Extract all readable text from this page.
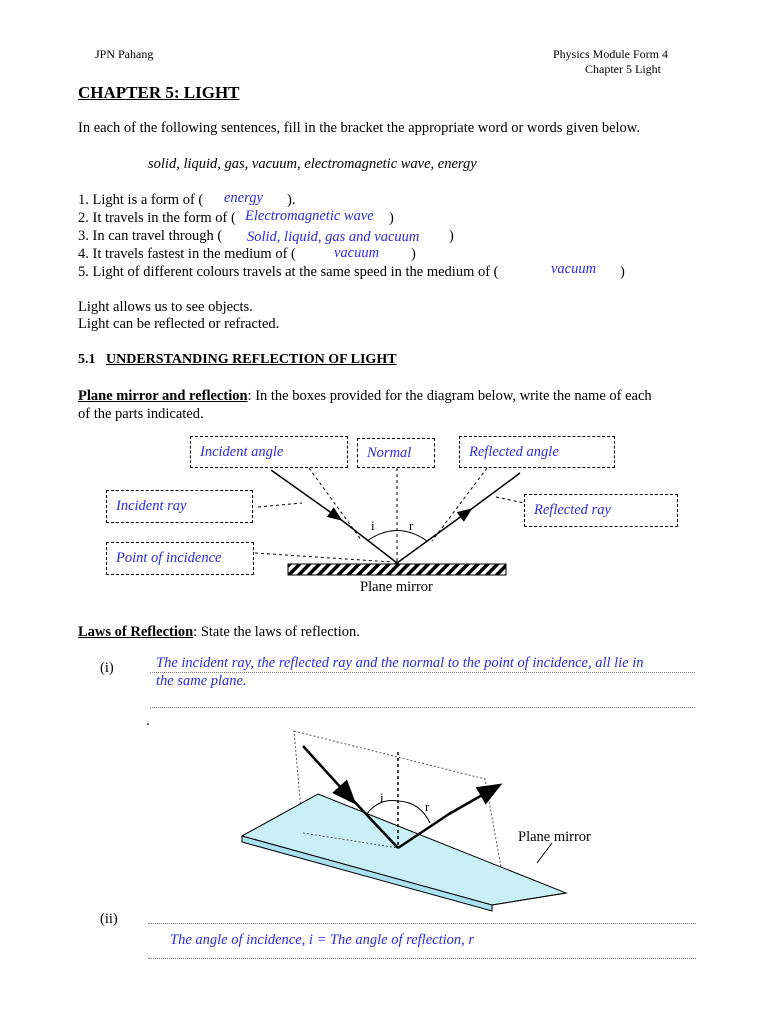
JPN Pahang	Physics Module Form 4
Chapter 5 Light
CHAPTER 5: LIGHT
In each of the following sentences, fill in the bracket the appropriate word or words given below.
solid, liquid, gas, vacuum, electromagnetic wave, energy
1. Light is a form of ( energy ).
2. It travels in the form of ( Electromagnetic wave )
3. In can travel through ( Solid, liquid, gas and vacuum )
4. It travels fastest in the medium of (	vacuum )
5. Light of different colours travels at the same speed in the medium of (	vacuum )
Light allows us to see objects.
Light can be reflected or refracted.
5.1 UNDERSTANDING REFLECTION OF LIGHT
Plane mirror and reflection: In the boxes provided for the diagram below, write the name of each
of the parts indicated.
Incident angle	Normal	Reflected angle
Incident ray	Reflected ray
Point of incidence
i	r
Plane mirror
Laws of Reflection: State the laws of reflection.
(i)	The incident ray, the reflected ray and the normal to the point of incidence, all lie in
the same plane.
.
i
r
Plane mirror
(ii)
The angle of incidence, i = The angle of reflection, r
